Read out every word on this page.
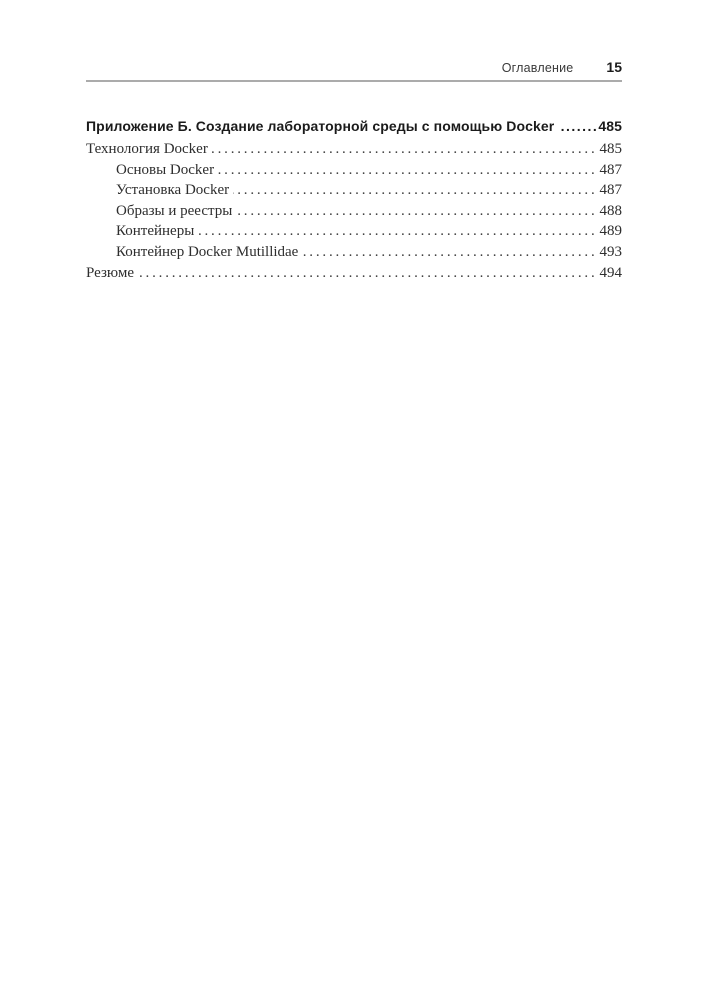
Оглавление 15
Приложение Б. Создание лабораторной среды с помощью Docker .....	485
Технология Docker .....	485
Основы Docker .....	487
Установка Docker .....	487
Образы и реестры .....	488
Контейнеры .....	489
Контейнер Docker Mutillidae .....	493
Резюме .....	494
